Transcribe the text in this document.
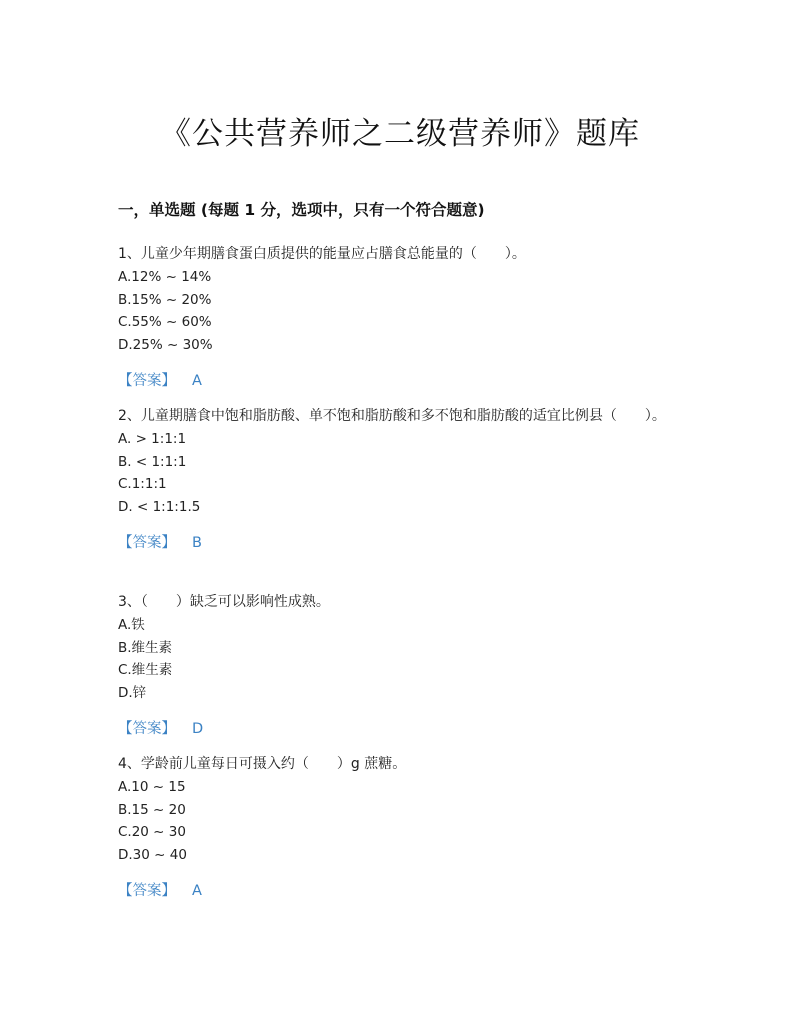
《公共营养师之二级营养师》题库
一，单选题 (每题 1 分，选项中，只有一个符合题意)

1、儿童少年期膳食蛋白质提供的能量应占膳食总能量的（　　）。

A.12% ~ 14%
B.15% ~ 20%
C.55% ~ 60%
D.25% ~ 30%
【答案】 A

2、儿童期膳食中饱和脂肪酸、单不饱和脂肪酸和多不饱和脂肪酸的适宜比例县（　　）。

A. > 1:1:1
B. < 1:1:1
C.1:1:1
D. < 1:1:1.5
【答案】 B

3、（　　）缺乏可以影响性成熟。

A.铁
B.维生素
C.维生素
D.锌
【答案】 D

4、学龄前儿童每日可摄入约（　　）g 蔗糖。

A.10 ~ 15
B.15 ~ 20
C.20 ~ 30
D.30 ~ 40
【答案】 A
